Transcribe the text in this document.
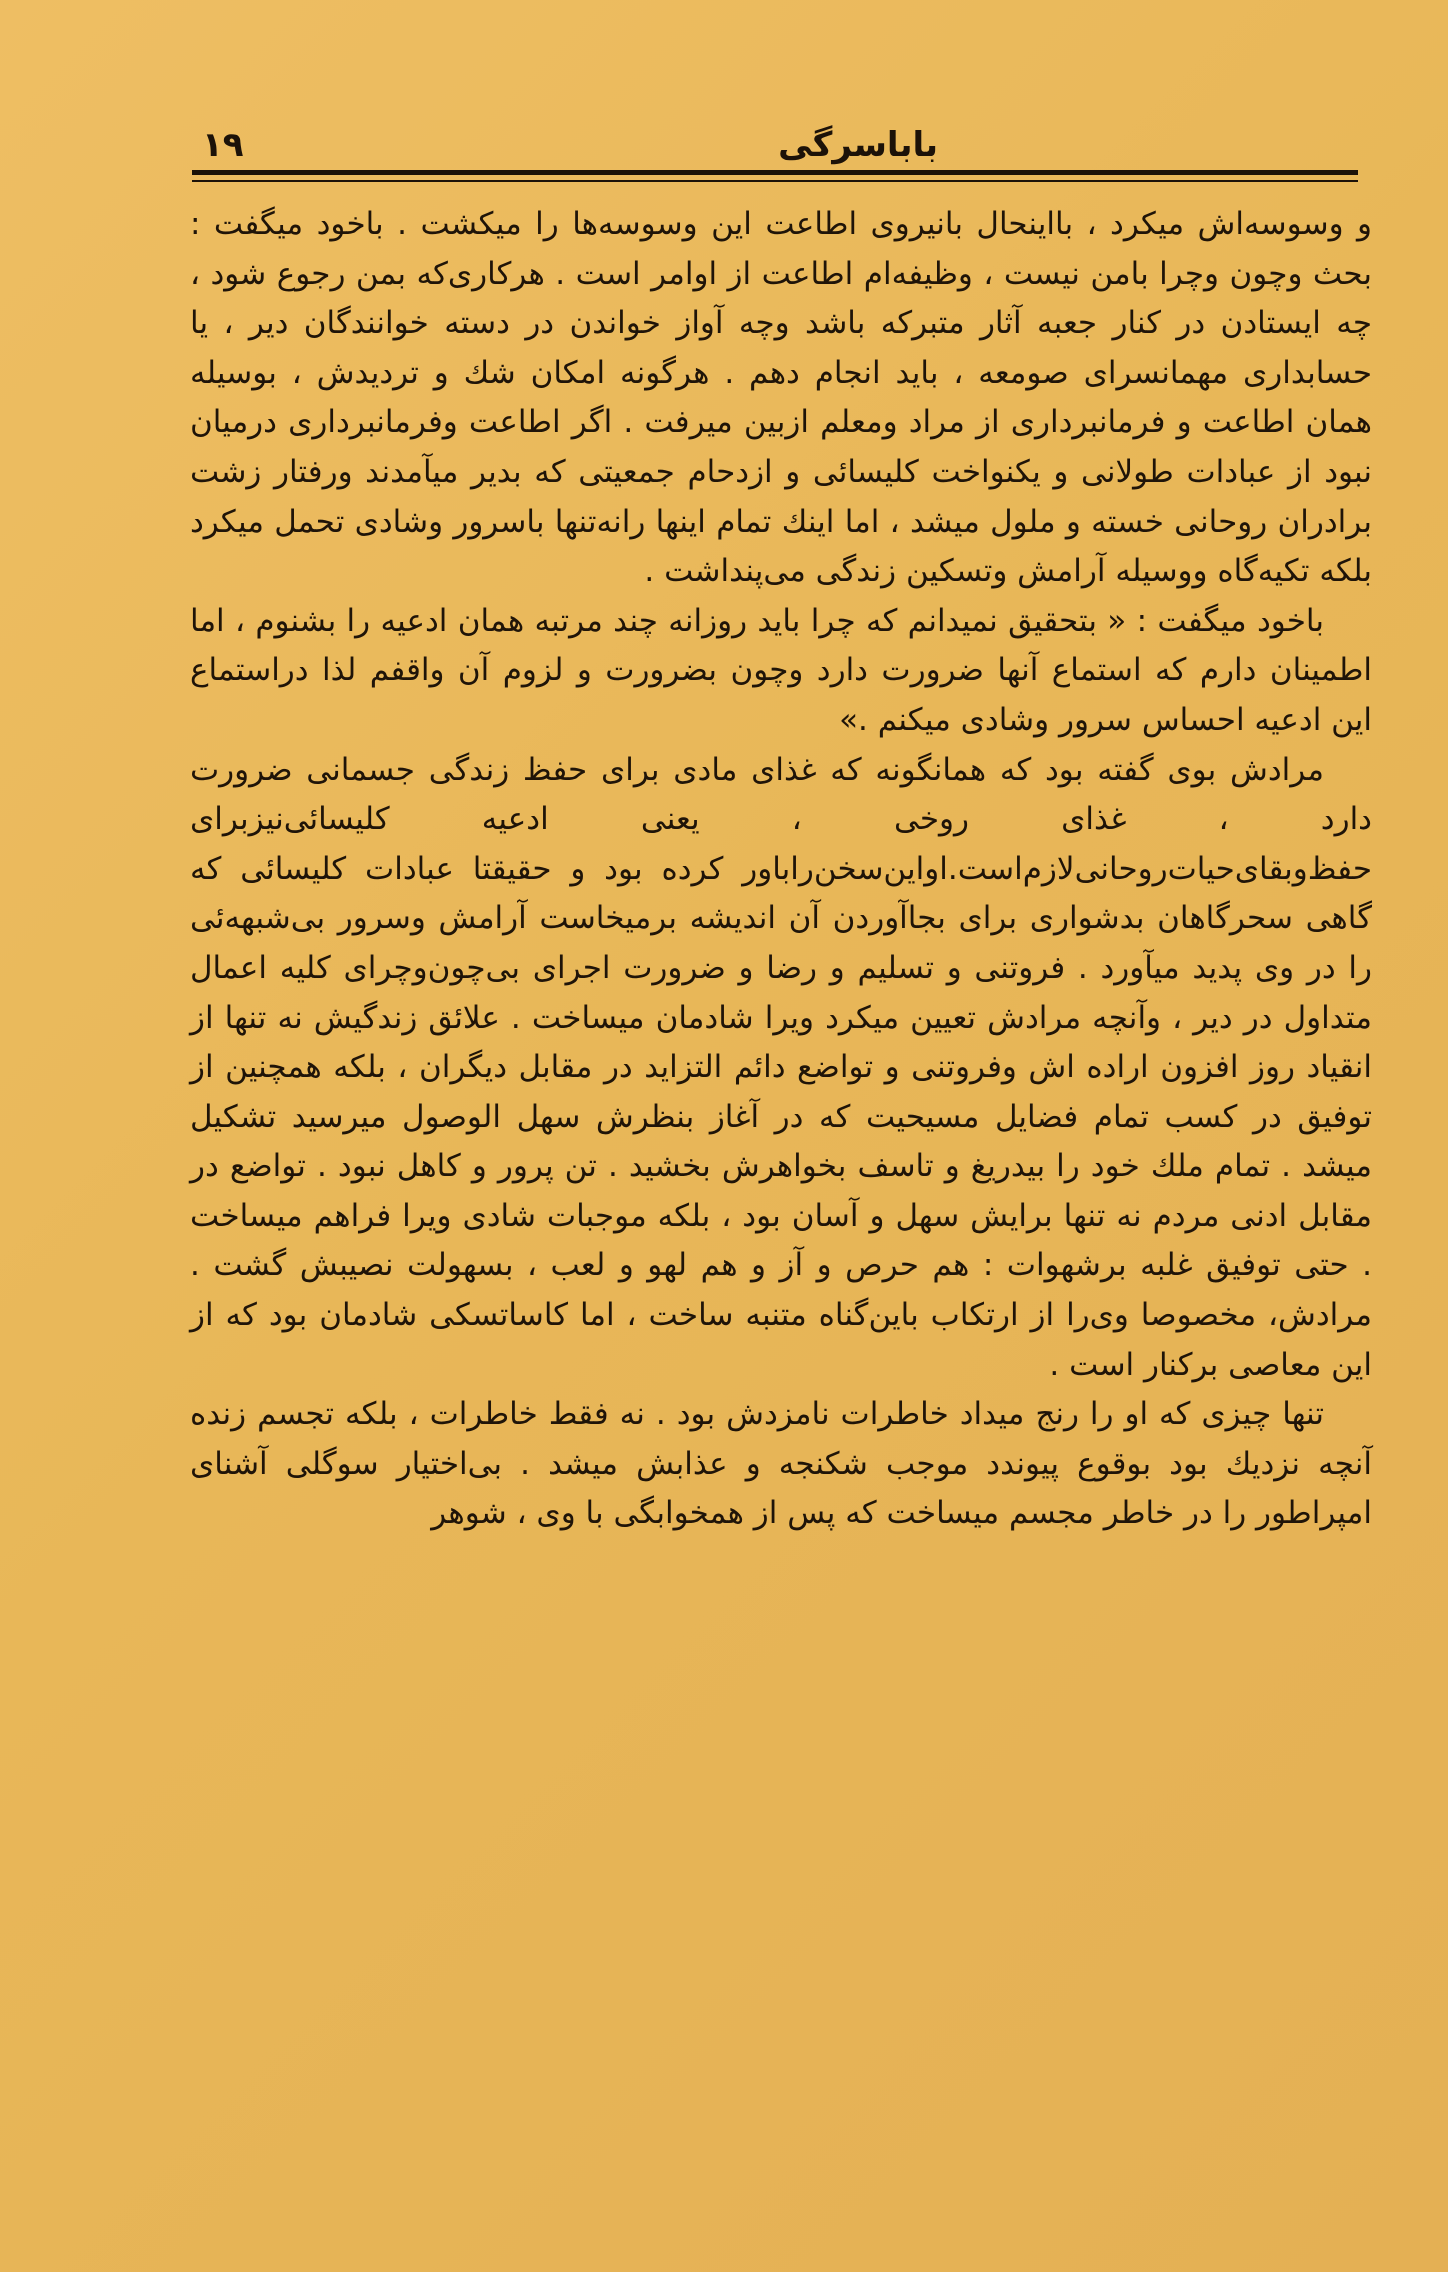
باباسرگی
۱۹

و وسوسه‌اش میکرد ، بااینحال بانیروی اطاعت این وسوسه‌ها را میکشت . باخود میگفت : بحث وچون وچرا بامن نیست ، وظیفه‌ام اطاعت از اوامر است . هرکاری‌که بمن رجوع شود ، چه ایستادن در کنار جعبه آثار متبرکه باشد وچه آواز خواندن در دسته خوانندگان دیر ، یا حسابداری مهمانسرای صومعه ، باید انجام دهم . هرگونه امکان شك و تردیدش ، بوسیله همان اطاعت و فرمانبرداری از مراد ومعلم ازبین میرفت . اگر اطاعت وفرمانبرداری درمیان نبود از عبادات طولانی و یکنواخت کلیسائی و ازدحام جمعیتی که بدیر میآمدند ورفتار زشت برادران روحانی خسته و ملول میشد ، اما اینك تمام اینها رانه‌تنها باسرور وشادی تحمل میکرد بلکه تکیه‌گاه ووسیله آرامش وتسکین زندگی می‌پنداشت .

باخود میگفت : « بتحقیق نمیدانم که چرا باید روزانه چند مرتبه همان ادعیه را بشنوم ، اما اطمینان دارم که استماع آنها ضرورت دارد وچون بضرورت و لزوم آن واقفم لذا دراستماع این ادعیه احساس سرور وشادی میکنم .»

مرادش بوی گفته بود که همانگونه که غذای مادی برای حفظ زندگی جسمانی ضرورت دارد ، غذای روخی ، یعنی ادعیه کلیسائی‌نیز‌برای حفظ‌وبقای‌حیات‌روحانی‌لازم‌است.اواین‌سخن‌راباور کرده بود و حقیقتا عبادات کلیسائی که گاهی سحرگاهان بدشواری برای بجاآوردن آن اندیشه برمیخاست آرامش وسرور بی‌شبهه‌ئی را در وی پدید میآورد . فروتنی و تسلیم و رضا و ضرورت اجرای بی‌چون‌وچرای کلیه اعمال متداول در دیر ، وآنچه مرادش تعیین میکرد ویرا شادمان میساخت . علائق زندگیش نه تنها از انقیاد روز افزون اراده اش وفروتنی و تواضع دائم التزاید در مقابل دیگران ، بلکه همچنین از توفیق در کسب تمام فضایل مسیحیت که در آغاز بنظرش سهل الوصول میرسید تشکیل میشد . تمام ملك خود را بیدریغ و تاسف بخواهرش بخشید . تن پرور و کاهل نبود . تواضع در مقابل ادنی مردم نه تنها برایش سهل و آسان بود ، بلکه موجبات شادی ویرا فراهم میساخت . حتی توفیق غلبه برشهوات : هم حرص و آز و هم لهو و لعب ، بسهولت نصیبش گشت . مرادش، مخصوصا وی‌را از ارتکاب باین‌گناه متنبه ساخت ، اما کاساتسکی شادمان بود که از این معاصی برکنار است .

تنها چیزی که او را رنج میداد خاطرات نامزدش بود . نه فقط خاطرات ، بلکه تجسم زنده آنچه نزدیك بود بوقوع پیوندد موجب شکنجه و عذابش میشد . بی‌اختیار سوگلی آشنای امپراطور را در خاطر مجسم میساخت که پس از همخوابگی با وی ، شوهر
